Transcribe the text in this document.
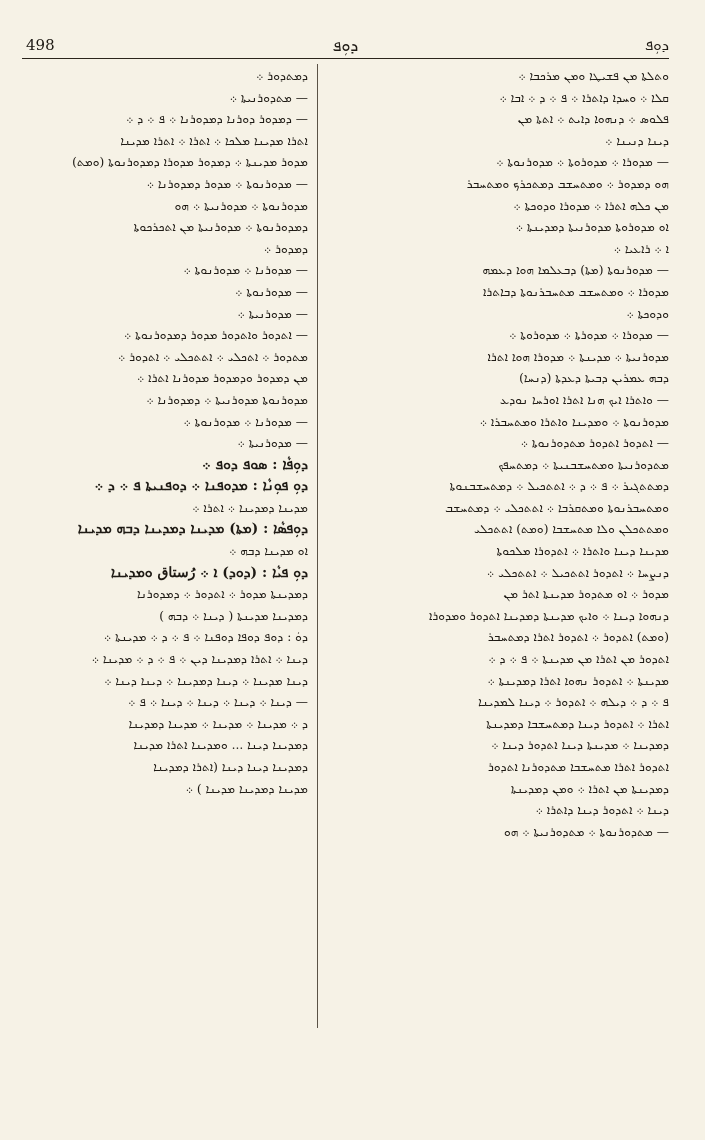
498	ܕܘܼܦ	ܕܘܼܦ

ܘܬܠܬܐ ܡܢ ܦܫܝܛܐ ܘܡܢ ܡܪܟܒܐ ܀

ܩܠܐ ܀ ܘܚܕܐ ܕܐܬܪܐ ܀ ܦ ܀ ܕ ܀ ܐܒܐ ܀

ܦܠܘܣ ܀ ܕܢܗܘܐ ܕܐܝܬ ܀ ܐܬܬܐ ܡܢ

ܕܝܢܐ ܕܢܝܢܐ ܀

— ܡܕܘܪܐ ܀ ܡܕܘܪܘܬܐ ܀ ܡܕܘܪܢܘܬܐ ܀

ܗܘ ܕܡܕܘܪ ܀ ܘܡܬܚܫܒ ܕܡܬܟܪܟ ܘܡܬܚܒܪ

ܡܢ ܟܠܗ ܐܬܪܐ ܀ ܡܕܘܪܐ ܘܕܘܟܬܐ ܀

ܐܘ ܡܕܘܪܘܬܐ ܡܕܘܪܢܝܬܐ ܕܡܕܝܢܬܐ ܀

ܐ ܀ ܪܐܥܝܐ ܀

— ܡܕܘܪܢܘܬܐ (ܡܬܐ) ܕܒܥܠܡܐ ܗܘܐ ܕܥܡܗ

ܡܕܘܪܐ ܀ ܘܡܬܚܫܒ ܡܬܚܒܪܢܘܬܐ ܕܒܐܬܪܐ

ܘܕܘܟܬܐ ܀

— ܡܕܘܪܐ ܀ ܡܕܘܪܬܐ ܀ ܡܕܘܪܘܬܐ ܀

ܡܕܘܪܢܝܬܐ ܀ ܡܕܝܢܬܐ ܀ ܡܕܘܪܐ ܗܘܐ ܐܬܪܐ

ܕܒܗ ܥܡܪܝܢ ܕܒܝܬܐ ܕܥܕܬܐ (ܕܢܚܐ)

— ܘܐܬܪܐ ܐܝܟ ܗܢܐ ܐܬܪܐ ܐܘܪܚܐ ܢܘܕܥ

ܡܕܘܪܢܘܬܐ ܀ ܘܡܕܝܢܐ ܘܐܬܪܐ ܘܡܬܚܒܪܐ ܀

— ܐܬܕܘܪ ܐܬܕܘܪ ܡܬܕܘܪܢܘܬܐ ܀

ܡܬܕܘܪܢܝܬܐ ܘܡܬܚܫܒܢܝܬܐ ܀ ܕܡܬܚܦܟ

ܕܡܬܬܓܝܪ ܀ ܦ ܀ ܕ ܀ ܐܬܬܟܝܠ ܀ ܕܡܬܚܫܒܢܘܬܐ

ܘܡܬܚܒܪܢܘܬܐ ܘܡܬܩܪܒܐ ܀ ܐܬܬܟܠܝ ܀ ܕܡܬܚܫܒ

ܘܡܬܬܟܠܢ ܘܠܐ ܡܬܚܫܒܐ (ܘܡܬ) ܐܬܬܟܠܝ

ܡܕܝܢܐ ܕܝܢܐ ܘܐܬܪܐ ܀ ܐܬܕܘܪܐ ܡܠܟܘܬܐ

ܕܢܨܚܐ ܀ ܐܬܕܘܪ ܐܬܬܟܝܠ ܀ ܐܬܬܟܠܝ ܀

ܡܕܘܪ ܀ ܐܘ ܡܬܕܘܪ ܡܕܝܢܬܐ ܐܬܪ ܡܢ

ܕܢܗܘܐ ܕܝܢܐ ܀ ܘܐܝܟ ܡܕܝܢܬܐ ܕܡܕܝܢܐ ܐܬܕܘܪ ܘܡܕܘܪܐ

(ܘܡܬ) ܐܬܕܘܪ ܀ ܐܬܕܘܪ ܐܬܪܐ ܕܡܬܚܒܪ

ܐܬܕܘܪ ܡܢ ܐܬܪܐ ܡܢ ܡܕܝܢܬܐ ܀ ܦ ܀ ܕ ܀

ܡܕܝܢܬܐ ܀ ܐܬܕܘܪ ܢܗܘܐ ܐܬܪܐ ܕܡܕܝܢܬܐ ܀

ܦ ܀ ܕ ܀ ܕܝܠܗ ܀ ܐܬܕܘܪ ܀ ܕܝܢܐ ܠܡܕܝܢܐ

ܐܬܪܐ ܀ ܐܬܕܘܪ ܕܝܢܐ ܕܡܬܚܫܒܐ ܕܡܕܝܢܬܐ

ܕܡܕܝܢܐ ܀ ܡܕܝܢܬܐ ܕܝܢܐ ܐܬܕܘܪ ܕܝܢܐ ܀

ܐܬܕܘܪ ܐܬܪܐ ܡܬܚܫܒܐ ܡܬܕܘܪܢܐ ܐܬܕܘܪ

ܕܡܕܝܢܬܐ ܡܢ ܐܬܪܐ ܀ ܘܡܢ ܕܡܕܝܢܬܐ

ܕܝܢܐ ܀ ܐܬܕܘܪ ܕܝܢܐ ܕܐܬܪܐ ܀

— ܡܬܕܘܪܢܘܬܐ ܀ ܡܬܕܘܪܢܝܬܐ ܀ ܗܘ

ܕܡܬܕܘܪ ܀

— ܡܬܕܘܪܢܝܬܐ ܀

— ܕܡܕܘܪ ܕܘܪܢܐ ܕܡܕܘܪܢܐ ܀ ܦ ܀ ܕ ܀

ܐܬܪܐ ܡܕܝܢܐ ܡܠܟܐ ܀ ܐܬܪܐ ܀ ܐܬܪܐ ܡܕܝܢܐ

ܡܕܘܪ ܡܕܝܢܬܐ ܀ ܕܡܕܘܪ ܡܕܘܪܐ ܕܡܕܘܪܢܘܬܐ (ܘܡܬ)

— ܡܕܘܪܢܘܬܐ ܀ ܡܕܘܪ ܕܡܕܘܪܢܐ ܀

ܡܕܘܪܢܘܬܐ ܀ ܡܕܘܪܢܝܬܐ ܀ ܗܘ

ܕܡܕܘܪܢܘܬܐ ܀ ܡܕܘܪܢܝܬܐ ܡܢ ܐܬܟܪܟܘܬܐ

ܕܡܕܘܪ ܀

— ܡܕܘܪܢܐ ܀ ܡܕܘܪܢܘܬܐ ܀

— ܡܕܘܪܢܘܬܐ ܀

— ܡܕܘܪܢܝܬܐ ܀

— ܐܬܕܘܪ ܘܐܬܕܘܪ ܡܕܘܪ ܕܡܕܘܪܢܘܬܐ ܀

ܡܬܕܘܪ ܀ ܐܬܟܠܝ ܀ ܐܬܬܟܠܝ ܀ ܐܬܕܘܪ ܀

ܡܢ ܕܡܕܘܪ ܘܕܡܕܘܪ ܡܕܘܪܢܐ ܐܬܪܐ ܀

ܡܕܘܪܢܘܬܐ ܡܕܘܪܢܝܬܐ ܀ ܕܡܕܘܪܢܐ ܀

— ܡܕܘܪܢܐ ܀ ܡܕܘܪܢܘܬܐ ܀

— ܡܕܘܪܢܝܬܐ ܀

ܕܘܼܦܵܐ : ܣܘܦ ܕܘܦ ܀

ܕܘܼ ܦܘܼܢܵܐ : ܡܕܘܦܢܐ ܀ ܕܘܦܢܝܬܐ ܦ ܀ ܕ ܀

ܡܕܝܢܐ ܕܡܕܝܢܐ ܀ ܐܬܪܐ ܀

ܕܘܼܦܣܵܐ : (ܡܬܐ) ܡܕܝܢܐ ܕܡܕܝܢܐ ܕܒܗ ܡܕܝܢܐ

ܐܘ ܡܕܝܢܐ ܕܒܗ ܀

ܕܘܼ ܦܝܵܐ : (ܕܘܕ) ܐ ܀ رُستاق ܘܡܕܝܢܐ

ܕܡܕܝܢܬܐ ܡܕܘܪ ܀ ܐܬܕܘܪ ܀ ܕܡܕܘܪܢܐ

ܕܡܕܝܢܐ ܡܕܝܢܬܐ ( ܕܝܢܐ ܀ ܕܒܗ )

ܕܘܿ : ܕܘܦ ܕܘܦܐ ܕܘܦܢܐ ܀ ܦ ܀ ܕ ܀ ܡܕܝܢܬܐ ܀

ܕܝܢܐ ܀ ܐܬܪܐ ܕܡܕܝܢܐ ܕܝܢ ܀ ܦ ܀ ܕ ܀ ܡܕܝܢܐ ܀

ܕܝܢܐ ܡܕܝܢܐ ܀ ܕܝܢܐ ܕܡܕܝܢܐ ܀ ܕܝܢܐ ܕܝܢܐ ܀

— ܕܝܢܐ ܀ ܕܝܢܐ ܀ ܕܝܢܐ ܀ ܕܝܢܐ ܀ ܦ ܀

ܕ ܀ ܡܕܝܢܐ ܀ ܡܕܝܢܐ ܀ ܡܕܝܢܐ ܕܡܕܝܢܐ

ܕܡܕܝܢܐ ܕܝܢܐ ... ܘܡܕܝܢܐ ܐܬܪܐ ܡܕܝܢܐ

ܕܡܕܝܢܐ ܕܝܢܐ ܕܝܢܐ (ܐܬܪܐ ܕܡܕܝܢܐ

ܡܕܝܢܐ ܕܡܕܝܢܐ ܡܕܝܢܐ ) ܀
